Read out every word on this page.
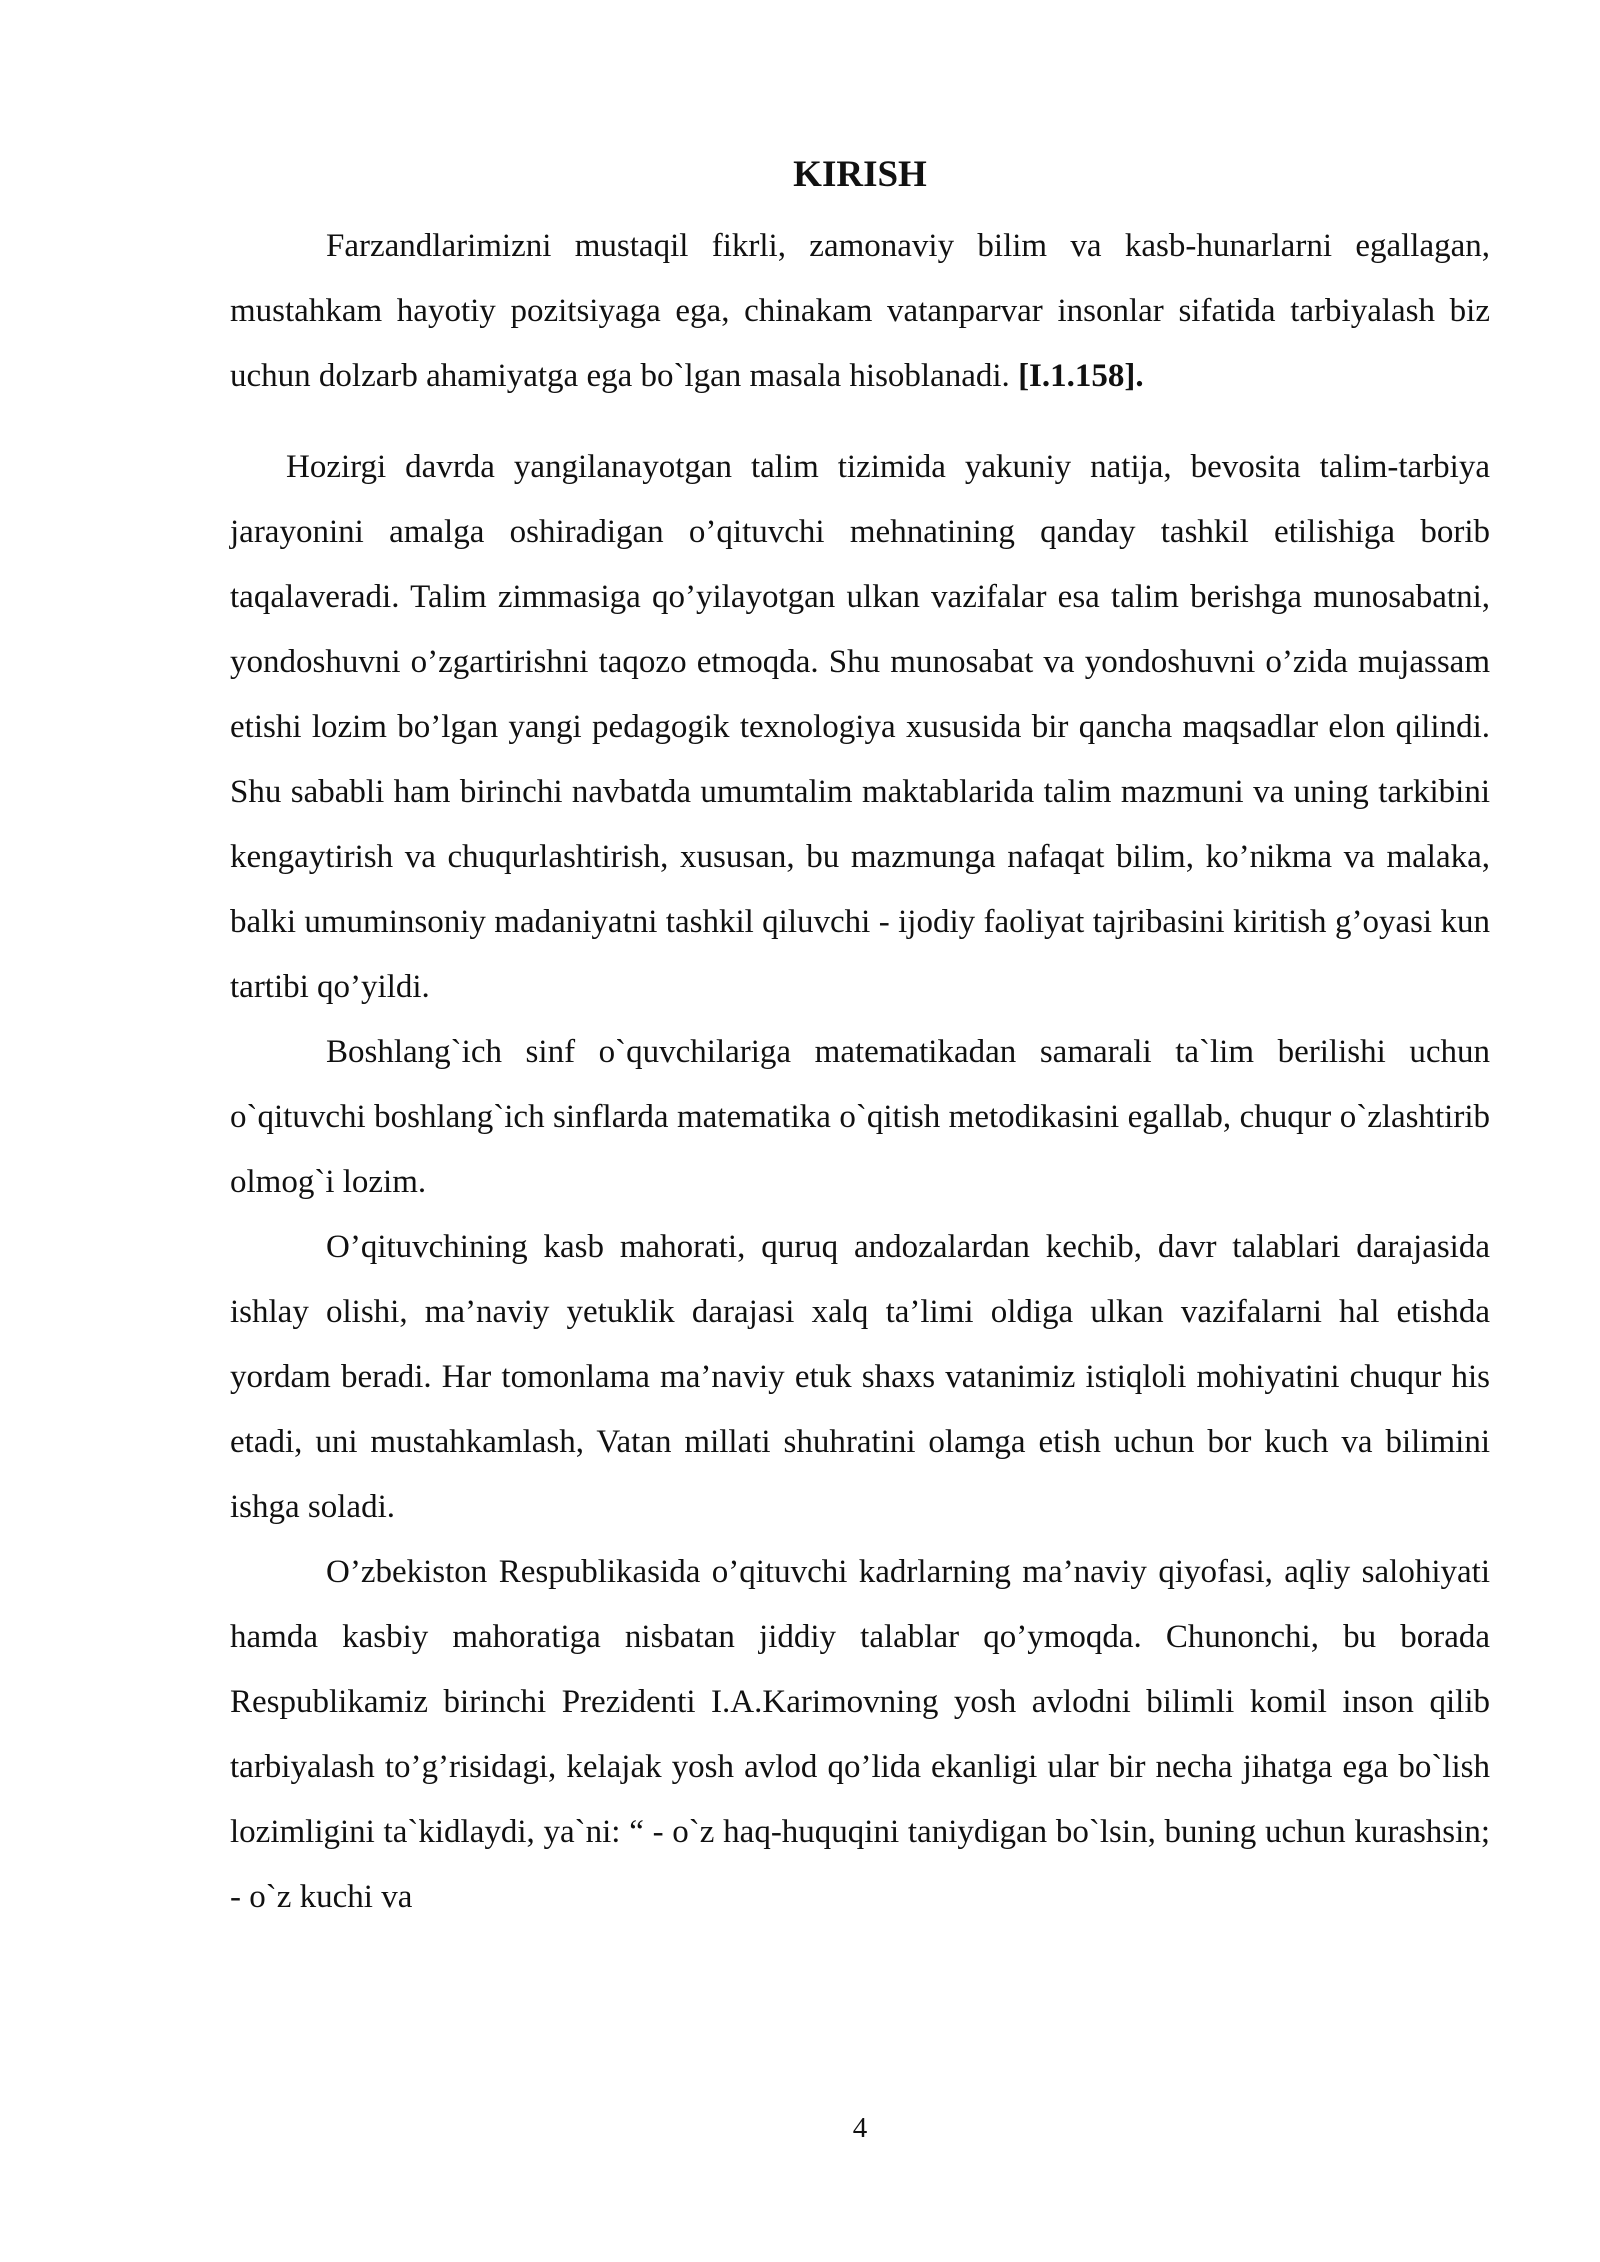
KIRISH

Farzandlarimizni mustaqil fikrli, zamonaviy bilim va kasb-hunarlarni egallagan, mustahkam hayotiy pozitsiyaga ega, chinakam vatanparvar insonlar sifatida tarbiyalash biz uchun dolzarb ahamiyatga ega bo`lgan masala hisoblanadi. [I.1.158].

Hozirgi davrda yangilanayotgan talim tizimida yakuniy natija, bevosita talim-tarbiya jarayonini amalga oshiradigan o’qituvchi mehnatining qanday tashkil etilishiga borib taqalaveradi. Talim zimmasiga qo’yilayotgan ulkan vazifalar esa talim berishga munosabatni, yondoshuvni o’zgartirishni taqozo etmoqda. Shu munosabat va yondoshuvni o’zida mujassam etishi lozim bo’lgan yangi pedagogik texnologiya xususida bir qancha maqsadlar elon qilindi. Shu sababli ham birinchi navbatda umumtalim maktablarida talim mazmuni va uning tarkibini kengaytirish va chuqurlashtirish, xususan, bu mazmunga nafaqat bilim, ko’nikma va malaka, balki umuminsoniy madaniyatni tashkil qiluvchi - ijodiy faoliyat tajribasini kiritish g’oyasi kun tartibi qo’yildi.

Boshlang`ich sinf o`quvchilariga matematikadan samarali ta`lim berilishi uchun o`qituvchi boshlang`ich sinflarda matematika o`qitish metodikasini egallab, chuqur o`zlashtirib olmog`i lozim.

O’qituvchining kasb mahorati, quruq andozalardan kechib, davr talablari darajasida ishlay olishi, ma’naviy yetuklik darajasi xalq ta’limi oldiga ulkan vazifalarni hal etishda yordam beradi. Har tomonlama ma’naviy etuk shaxs vatanimiz istiqloli mohiyatini chuqur his etadi, uni mustahkamlash, Vatan millati shuhratini olamga etish uchun bor kuch va bilimini ishga soladi.

O’zbekiston Respublikasida o’qituvchi kadrlarning ma’naviy qiyofasi, aqliy salohiyati hamda kasbiy mahoratiga nisbatan jiddiy talablar qo’ymoqda. Chunonchi, bu borada Respublikamiz birinchi Prezidenti I.A.Karimovning yosh avlodni bilimli komil inson qilib tarbiyalash to’g’risidagi, kelajak yosh avlod qo’lida ekanligi ular bir necha jihatga ega bo`lish lozimligini ta`kidlaydi, ya`ni: “ - o`z haq-huquqini taniydigan bo`lsin, buning uchun kurashsin; - o`z kuchi va

4
